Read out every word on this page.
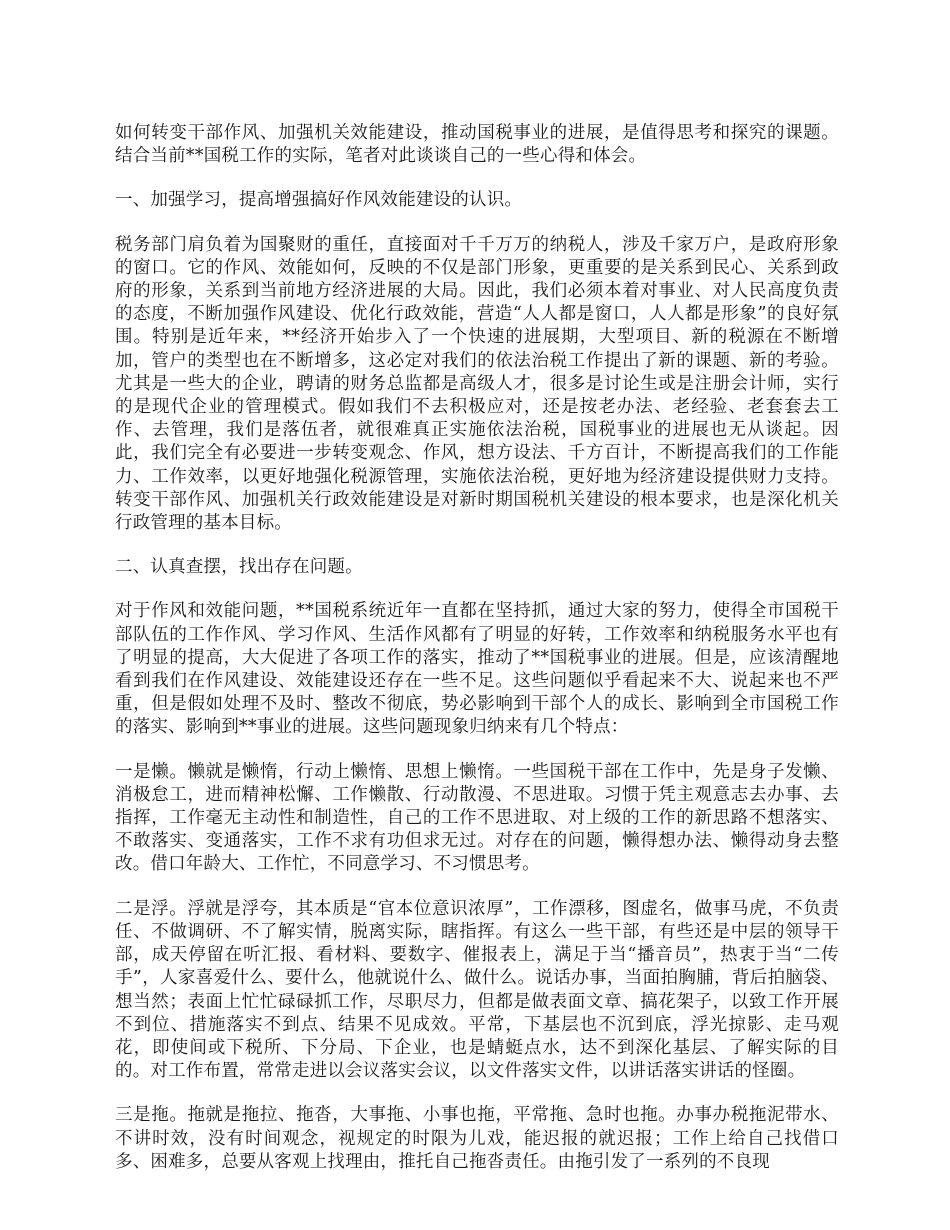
如何转变干部作风、加强机关效能建设，推动国税事业的进展，是值得思考和探究的课题。结合当前**国税工作的实际，笔者对此谈谈自己的一些心得和体会。

一、加强学习，提高增强搞好作风效能建设的认识。

税务部门肩负着为国聚财的重任，直接面对千千万万的纳税人，涉及千家万户，是政府形象的窗口。它的作风、效能如何，反映的不仅是部门形象，更重要的是关系到民心、关系到政府的形象，关系到当前地方经济进展的大局。因此，我们必须本着对事业、对人民高度负责的态度，不断加强作风建设、优化行政效能，营造“人人都是窗口，人人都是形象”的良好氛围。特别是近年来，**经济开始步入了一个快速的进展期，大型项目、新的税源在不断增加，管户的类型也在不断增多，这必定对我们的依法治税工作提出了新的课题、新的考验。尤其是一些大的企业，聘请的财务总监都是高级人才，很多是讨论生或是注册会计师，实行的是现代企业的管理模式。假如我们不去积极应对，还是按老办法、老经验、老套套去工作、去管理，我们是落伍者，就很难真正实施依法治税，国税事业的进展也无从谈起。因此，我们完全有必要进一步转变观念、作风，想方设法、千方百计，不断提高我们的工作能力、工作效率，以更好地强化税源管理，实施依法治税，更好地为经济建设提供财力支持。转变干部作风、加强机关行政效能建设是对新时期国税机关建设的根本要求，也是深化机关行政管理的基本目标。

二、认真查摆，找出存在问题。

对于作风和效能问题，**国税系统近年一直都在坚持抓，通过大家的努力，使得全市国税干部队伍的工作作风、学习作风、生活作风都有了明显的好转，工作效率和纳税服务水平也有了明显的提高，大大促进了各项工作的落实，推动了**国税事业的进展。但是，应该清醒地看到我们在作风建设、效能建设还存在一些不足。这些问题似乎看起来不大、说起来也不严重，但是假如处理不及时、整改不彻底，势必影响到干部个人的成长、影响到全市国税工作的落实、影响到**事业的进展。这些问题现象归纳来有几个特点：

一是懒。懒就是懒惰，行动上懒惰、思想上懒惰。一些国税干部在工作中，先是身子发懒、消极怠工，进而精神松懈、工作懒散、行动散漫、不思进取。习惯于凭主观意志去办事、去指挥，工作毫无主动性和制造性，自己的工作不思进取、对上级的工作的新思路不想落实、不敢落实、变通落实，工作不求有功但求无过。对存在的问题，懒得想办法、懒得动身去整改。借口年龄大、工作忙，不同意学习、不习惯思考。

二是浮。浮就是浮夸，其本质是“官本位意识浓厚”，工作漂移，图虚名，做事马虎，不负责任、不做调研、不了解实情，脱离实际，瞎指挥。有这么一些干部，有些还是中层的领导干部，成天停留在听汇报、看材料、要数字、催报表上，满足于当“播音员”，热衷于当“二传手”，人家喜爱什么、要什么，他就说什么、做什么。说话办事，当面拍胸脯，背后拍脑袋、想当然；表面上忙忙碌碌抓工作，尽职尽力，但都是做表面文章、搞花架子，以致工作开展不到位、措施落实不到点、结果不见成效。平常，下基层也不沉到底，浮光掠影、走马观花，即使间或下税所、下分局、下企业，也是蜻蜓点水，达不到深化基层、了解实际的目的。对工作布置，常常走进以会议落实会议，以文件落实文件，以讲话落实讲话的怪圈。

三是拖。拖就是拖拉、拖沓，大事拖、小事也拖，平常拖、急时也拖。办事办税拖泥带水、不讲时效，没有时间观念，视规定的时限为儿戏，能迟报的就迟报；工作上给自己找借口多、困难多，总要从客观上找理由，推托自己拖沓责任。由拖引发了一系列的不良现
